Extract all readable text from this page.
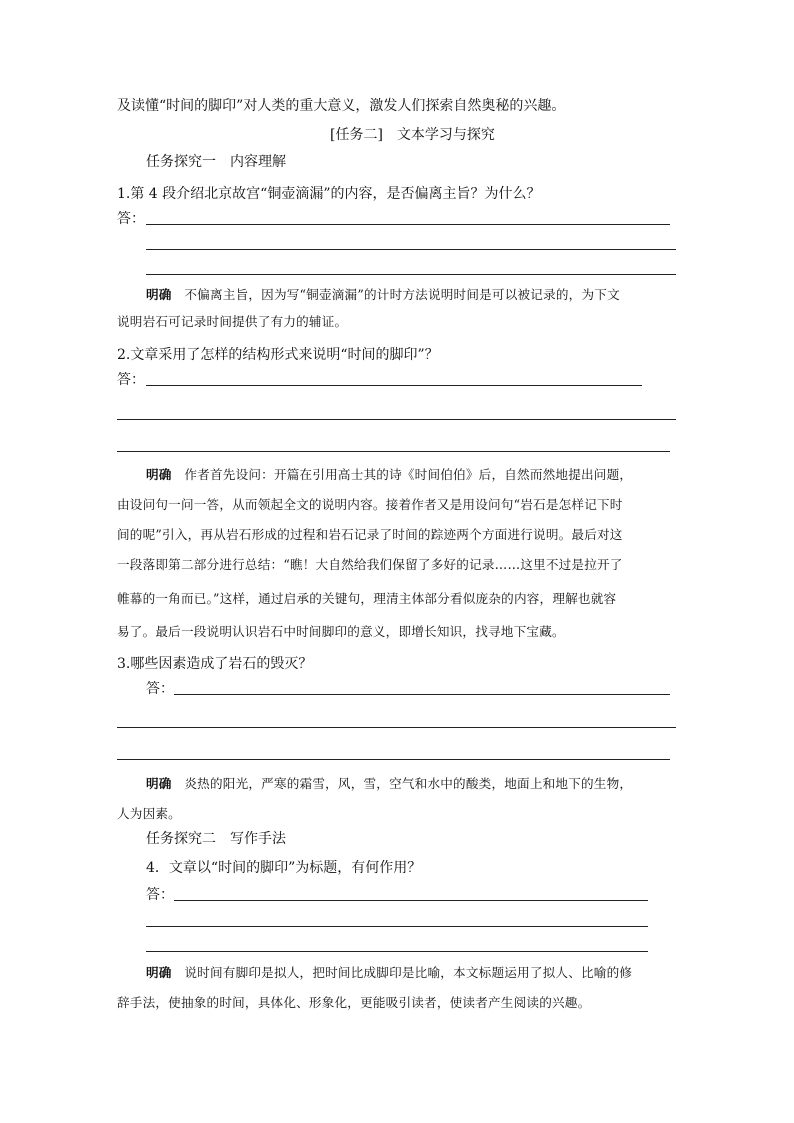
及读懂“时间的脚印”对人类的重大意义，激发人们探索自然奥秘的兴趣。
[任务二]　文本学习与探究
任务探究一　内容理解
1.第 4 段介绍北京故宫“铜壶滴漏”的内容，是否偏离主旨？为什么？
答：
明确　 不偏离主旨，因为写“铜壶滴漏”的计时方法说明时间是可以被记录的，为下文
说明岩石可记录时间提供了有力的辅证。
2.文章采用了怎样的结构形式来说明“时间的脚印”？
答：
明确　 作者首先设问：开篇在引用高士其的诗《时间伯伯》后，自然而然地提出问题，
由设问句一问一答，从而领起全文的说明内容。接着作者又是用设问句“岩石是怎样记下时
间的呢”引入，再从岩石形成的过程和岩石记录了时间的踪迹两个方面进行说明。最后对这
一段落即第二部分进行总结：“瞧！大自然给我们保留了多好的记录……这里不过是拉开了
帷幕的一角而已。”这样，通过启承的关键句，理清主体部分看似庞杂的内容，理解也就容
易了。最后一段说明认识岩石中时间脚印的意义，即增长知识，找寻地下宝藏。
3.哪些因素造成了岩石的毁灭？
答：
明确　 炎热的阳光，严寒的霜雪，风，雪，空气和水中的酸类，地面上和地下的生物，
人为因素。
任务探究二　写作手法
4．文章以“时间的脚印”为标题，有何作用？
答：
明确　 说时间有脚印是拟人，把时间比成脚印是比喻，本文标题运用了拟人、比喻的修
辞手法，使抽象的时间，具体化、形象化，更能吸引读者，使读者产生阅读的兴趣。
